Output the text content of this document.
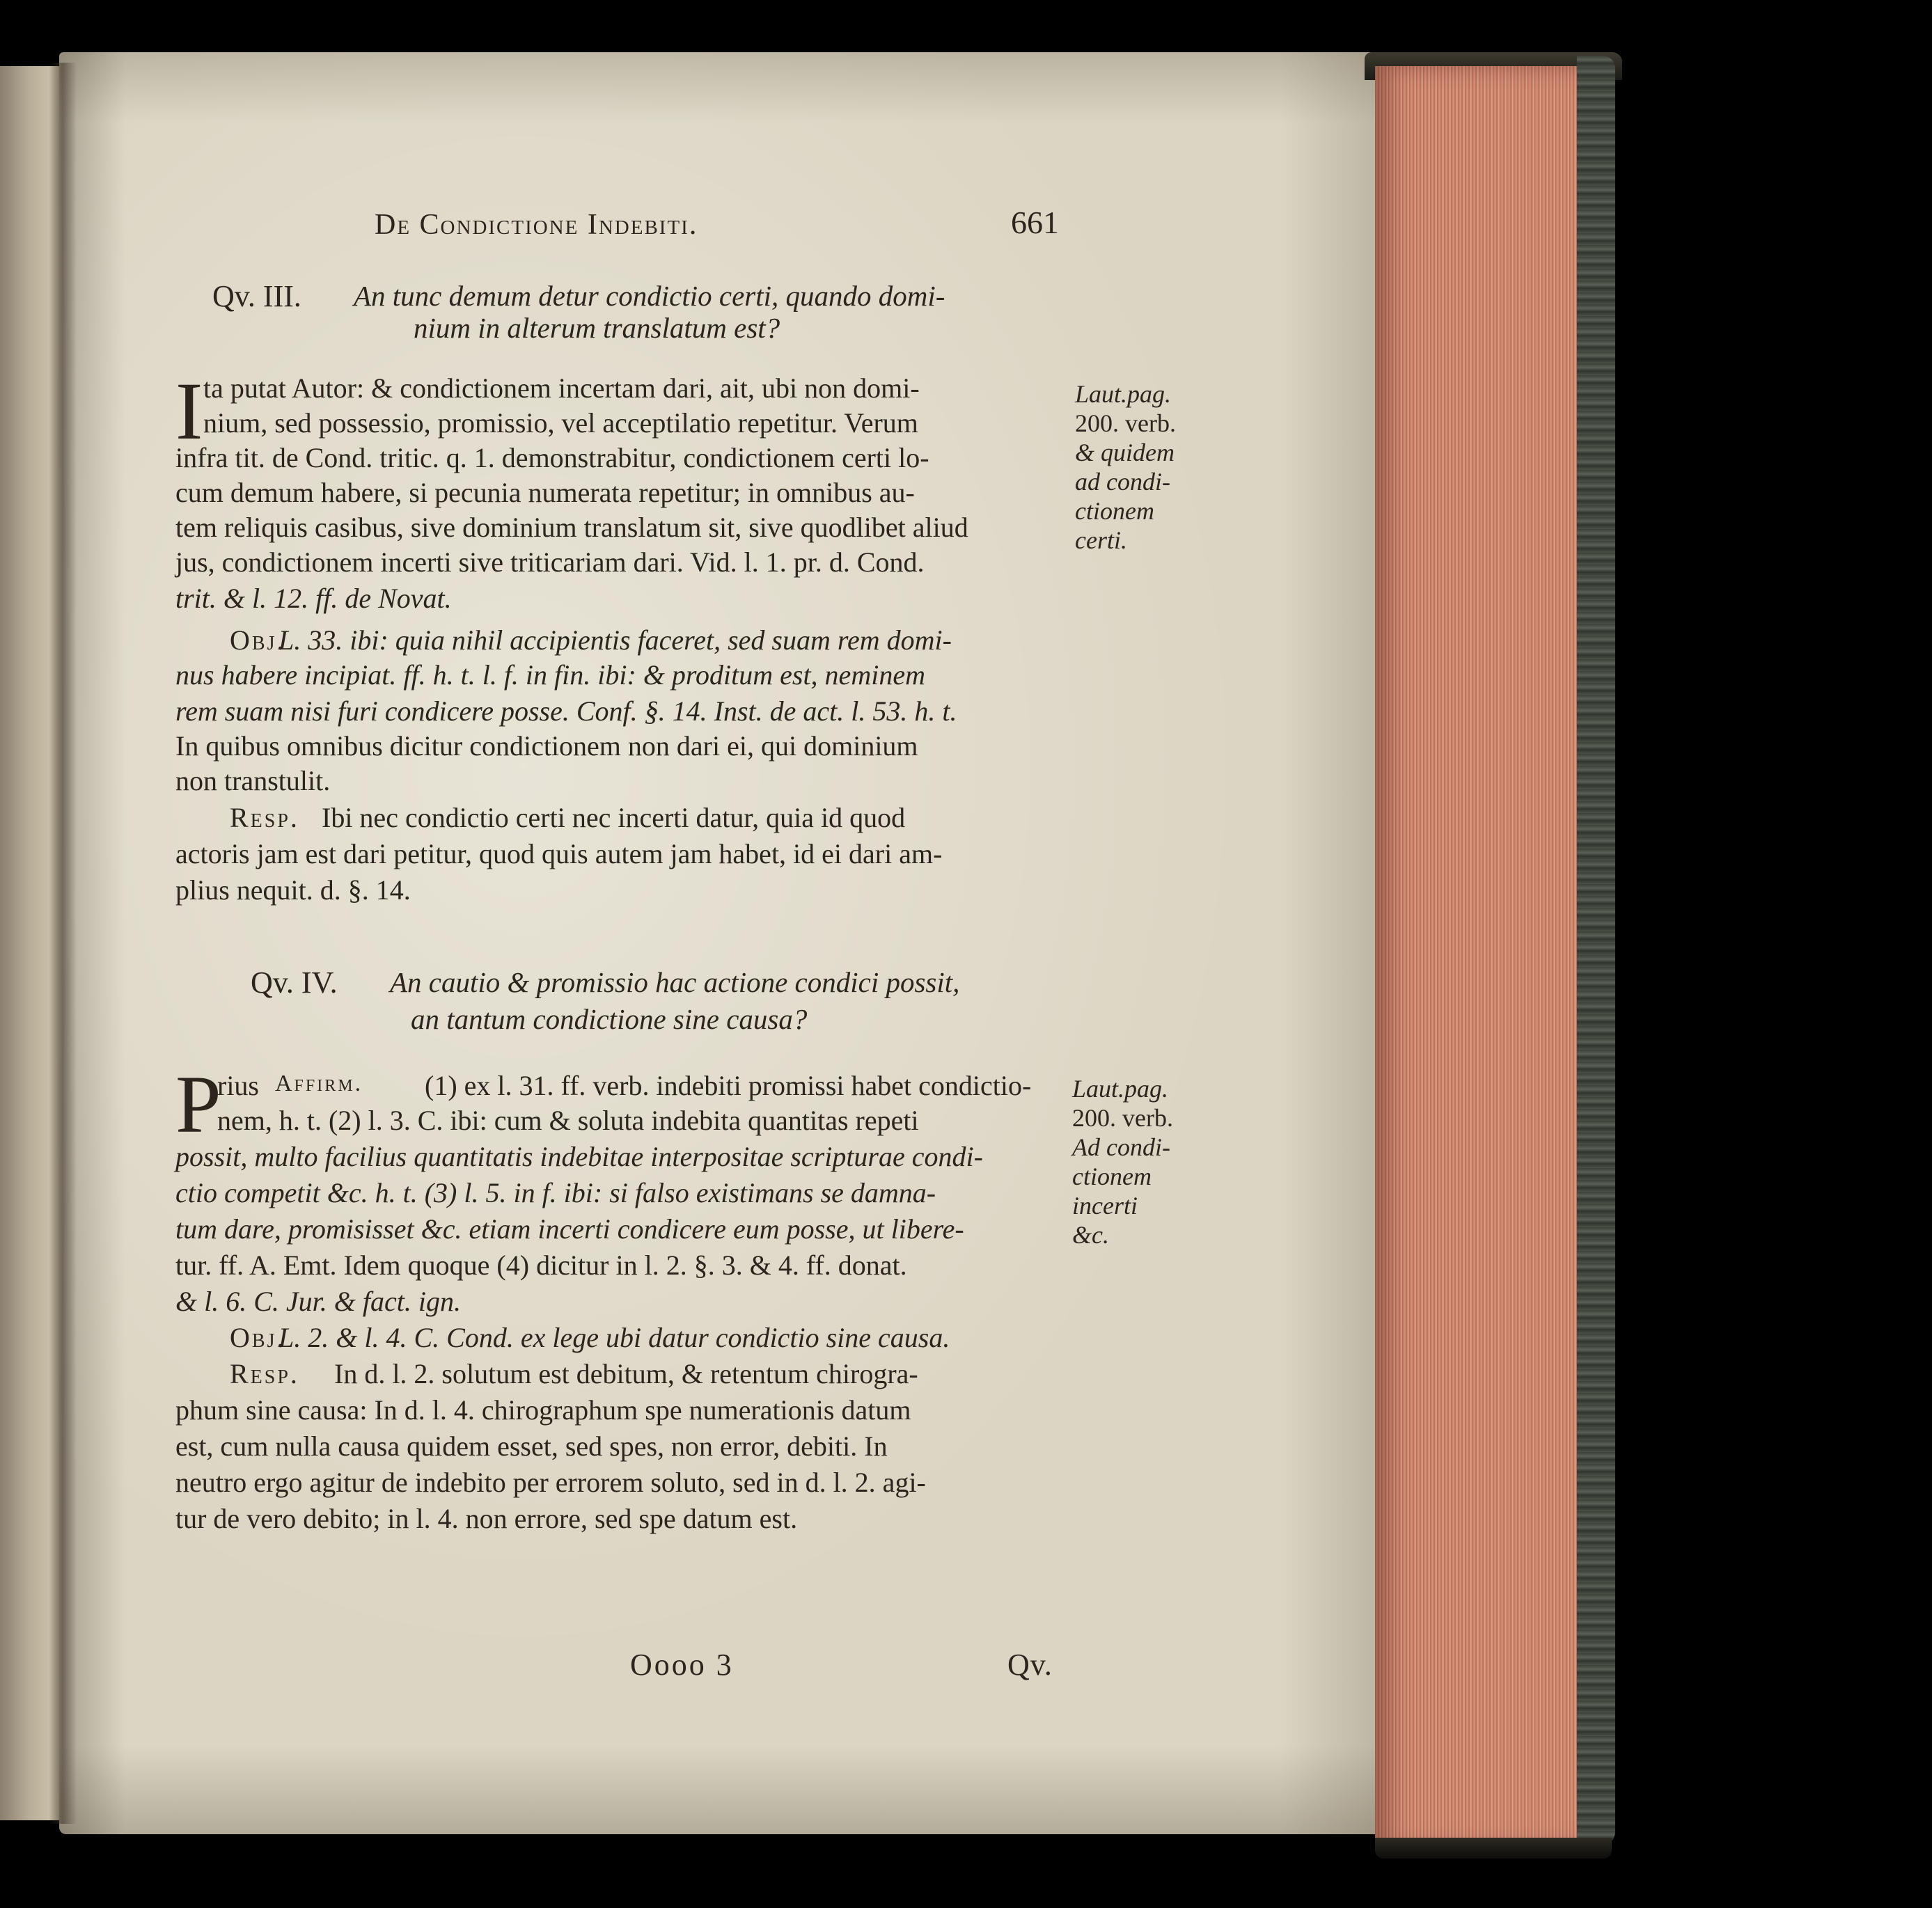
De Condictione Indebiti.	661
Qv. III. An tunc demum detur condictio certi, quando domi-
nium in alterum translatum est?
I ta putat Autor: & condictionem incertam dari, ait, ubi non domi-
nium, sed possessio, promissio, vel acceptilatio repetitur. Verum
infra tit. de Cond. tritic. q. 1. demonstrabitur, condictionem certi lo-
cum demum habere, si pecunia numerata repetitur; in omnibus au-
tem reliquis casibus, sive dominium translatum sit, sive quodlibet aliud
jus, condictionem incerti sive triticariam dari. Vid. l. 1. pr. d. Cond.
trit. & l. 12. ff. de Novat.
Laut.pag.
200. verb.
& quidem
ad condi-
ctionem
certi.
Obj.
L. 33. ibi: quia nihil accipientis faceret, sed suam rem domi-
nus habere incipiat. ff. h. t. l. f. in fin. ibi: & proditum est, neminem
rem suam nisi furi condicere posse. Conf. §. 14. Inst. de act. l. 53. h. t.
In quibus omnibus dicitur condictionem non dari ei, qui dominium
non transtulit.
Resp. Ibi nec condictio certi nec incerti datur, quia id quod
actoris jam est dari petitur, quod quis autem jam habet, id ei dari am-
plius nequit. d. §. 14.
Qv. IV. An cautio & promissio hac actione condici possit,
an tantum condictione sine causa?
P
rius Affirm. (1) ex l. 31. ff. verb. indebiti promissi habet condictio-
nem, h. t. (2) l. 3. C. ibi: cum & soluta indebita quantitas repeti
possit, multo facilius quantitatis indebitae interpositae scripturae condi-
ctio competit &c. h. t. (3) l. 5. in f. ibi: si falso existimans se damna-
tum dare, promisisset &c. etiam incerti condicere eum posse, ut libere-
tur. ff. A. Emt. Idem quoque (4) dicitur in l. 2. §. 3. & 4. ff. donat.
& l. 6. C. Jur. & fact. ign.
Laut.pag.
200. verb.
Ad condi-
ctionem
incerti
&c.
Obj.
L. 2. & l. 4. C. Cond. ex lege ubi datur condictio sine causa.
Resp. In d. l. 2. solutum est debitum, & retentum chirogra-
phum sine causa: In d. l. 4. chirographum spe numerationis datum
est, cum nulla causa quidem esset, sed spes, non error, debiti. In
neutro ergo agitur de indebito per errorem soluto, sed in d. l. 2. agi-
tur de vero debito; in l. 4. non errore, sed spe datum est.
Oooo 3	Qv.
